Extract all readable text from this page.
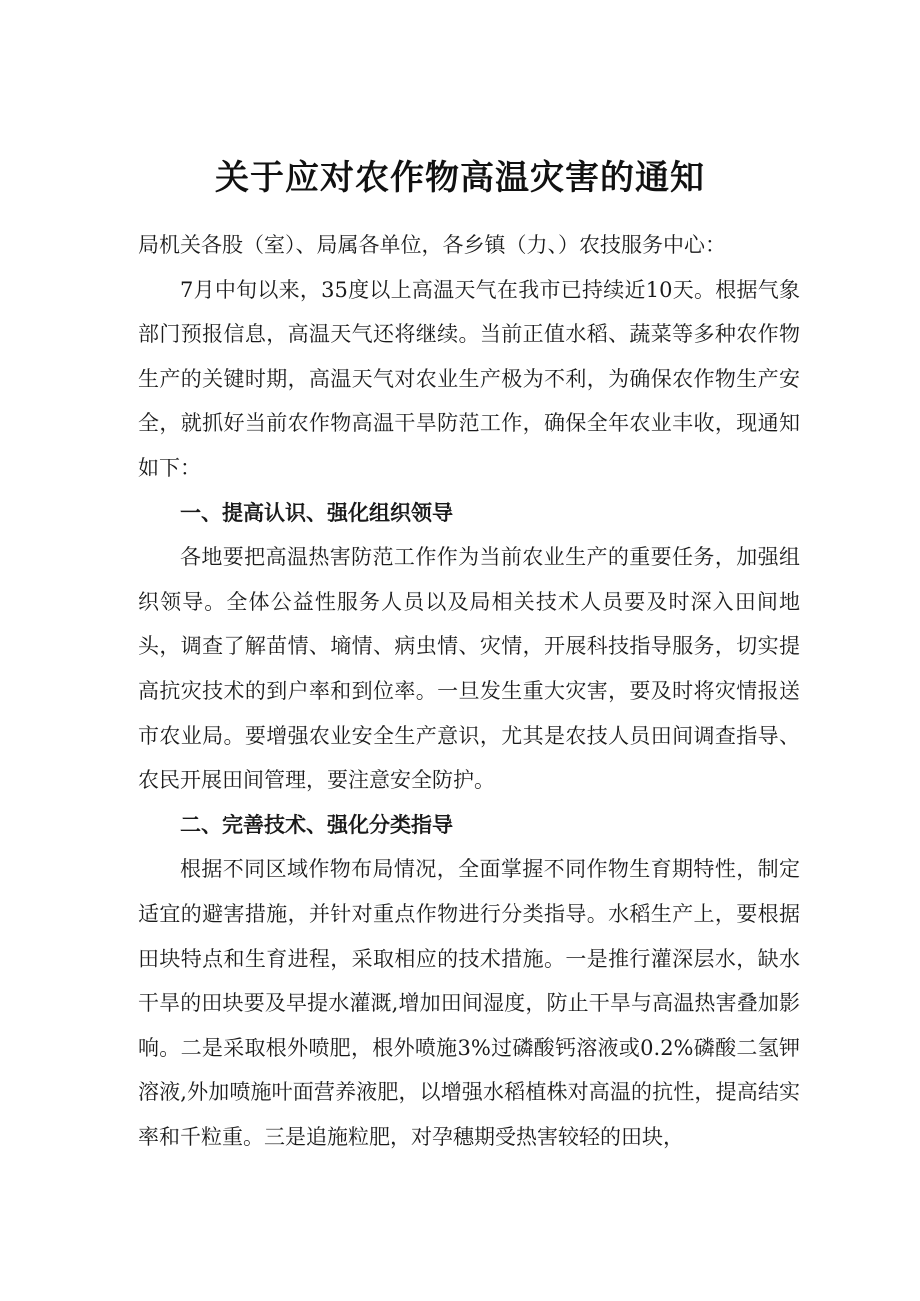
关于应对农作物高温灾害的通知

局机关各股（室）、局属各单位，各乡镇（力、）农技服务中心：

7月中旬以来，35度以上高温天气在我市已持续近10天。根据气象部门预报信息，高温天气还将继续。当前正值水稻、蔬菜等多种农作物生产的关键时期，高温天气对农业生产极为不利，为确保农作物生产安全，就抓好当前农作物高温干旱防范工作，确保全年农业丰收，现通知如下：

一、提高认识、强化组织领导

各地要把高温热害防范工作作为当前农业生产的重要任务，加强组织领导。全体公益性服务人员以及局相关技术人员要及时深入田间地头，调查了解苗情、墒情、病虫情、灾情，开展科技指导服务，切实提高抗灾技术的到户率和到位率。一旦发生重大灾害，要及时将灾情报送市农业局。要增强农业安全生产意识，尤其是农技人员田间调查指导、农民开展田间管理，要注意安全防护。

二、完善技术、强化分类指导

根据不同区域作物布局情况，全面掌握不同作物生育期特性，制定适宜的避害措施，并针对重点作物进行分类指导。水稻生产上，要根据田块特点和生育进程，采取相应的技术措施。一是推行灌深层水，缺水干旱的田块要及早提水灌溉,增加田间湿度，防止干旱与高温热害叠加影响。二是采取根外喷肥，根外喷施3%过磷酸钙溶液或0.2%磷酸二氢钾溶液,外加喷施叶面营养液肥，以增强水稻植株对高温的抗性，提高结实率和千粒重。三是追施粒肥，对孕穗期受热害较轻的田块，
